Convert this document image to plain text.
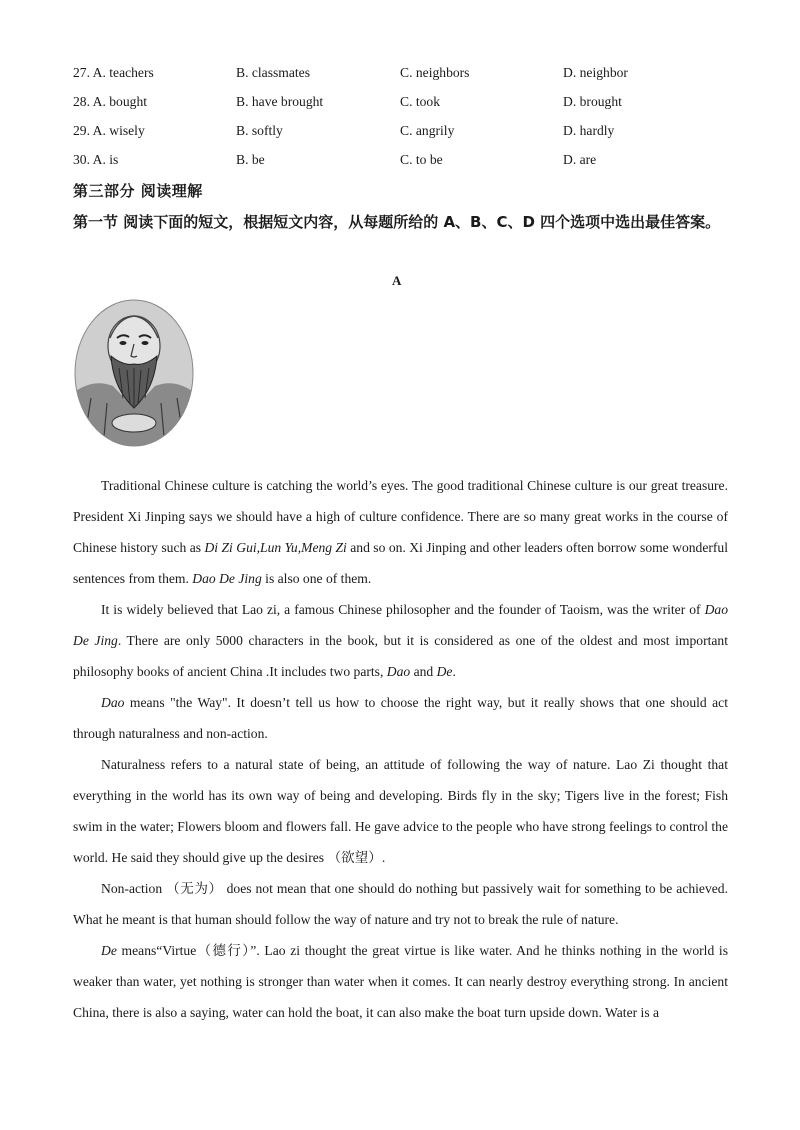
27. A. teachers	B. classmates	C. neighbors	D. neighbor
28. A. bought	B. have brought	C. took	D. brought
29. A. wisely	B. softly	C. angrily	D. hardly
30. A. is	B. be	C. to be	D. are
第三部分 阅读理解
第一节 阅读下面的短文，根据短文内容，从每题所给的 A、B、C、D 四个选项中选出最佳答案。
A

Traditional Chinese culture is catching the world’s eyes. The good traditional Chinese culture is our great treasure. President Xi Jinping says we should have a high of culture confidence. There are so many great works in the course of Chinese history such as Di Zi Gui,Lun Yu,Meng Zi and so on. Xi Jinping and other leaders often borrow some wonderful sentences from them. Dao De Jing is also one of them.

It is widely believed that Lao zi, a famous Chinese philosopher and the founder of Taoism, was the writer of Dao De Jing. There are only 5000 characters in the book, but it is considered as one of the oldest and most important philosophy books of ancient China .It includes two parts, Dao and De.

Dao means "the Way". It doesn’t tell us how to choose the right way, but it really shows that one should act through naturalness and non-action.

Naturalness refers to a natural state of being, an attitude of following the way of nature. Lao Zi thought that everything in the world has its own way of being and developing. Birds fly in the sky; Tigers live in the forest; Fish swim in the water; Flowers bloom and flowers fall. He gave advice to the people who have strong feelings to control the world. He said they should give up the desires （欲望）.

Non-action （无为） does not mean that one should do nothing but passively wait for something to be achieved. What he meant is that human should follow the way of nature and try not to break the rule of nature.

De means“Virtue（德行）”. Lao zi thought the great virtue is like water. And he thinks nothing in the world is weaker than water, yet nothing is stronger than water when it comes. It can nearly destroy everything strong. In ancient China, there is also a saying, water can hold the boat, it can also make the boat turn upside down. Water is a
